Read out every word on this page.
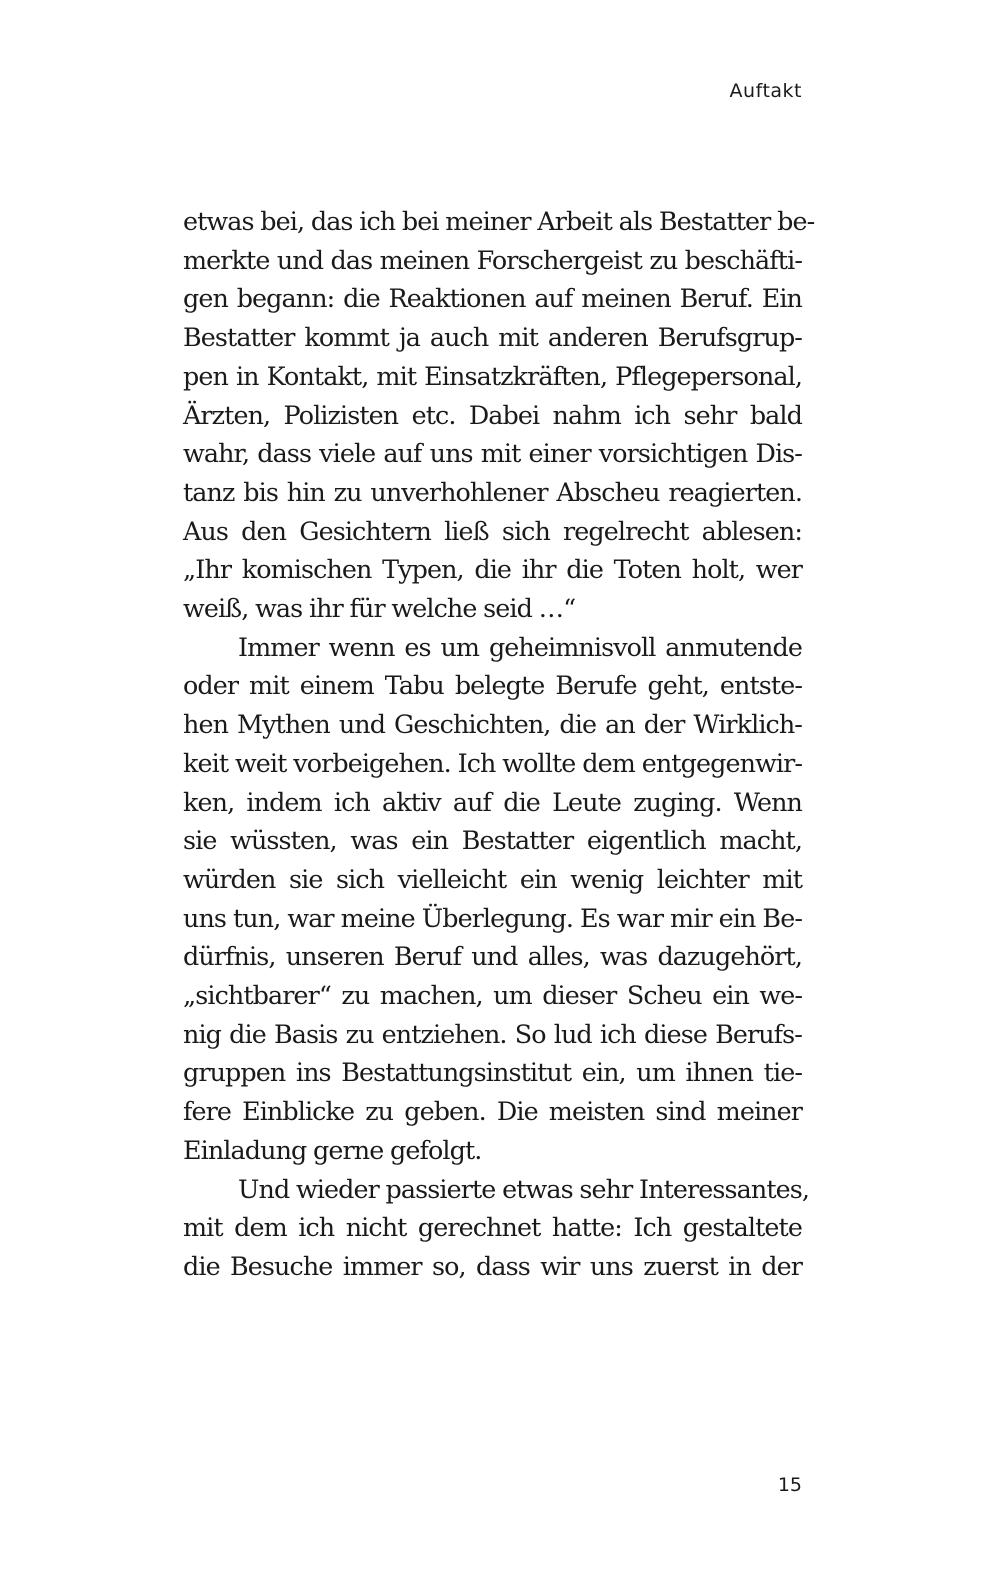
Auftakt
etwas bei, das ich bei meiner Arbeit als Bestatter be-
merkte und das meinen Forschergeist zu beschäfti-
gen begann: die Reaktionen auf meinen Beruf. Ein
Bestatter kommt ja auch mit anderen Berufsgrup-
pen in Kontakt, mit Einsatzkräften, Pflegepersonal,
Ärzten, Polizisten etc. Dabei nahm ich sehr bald
wahr, dass viele auf uns mit einer vorsichtigen Dis-
tanz bis hin zu unverhohlener Abscheu reagierten.
Aus den Gesichtern ließ sich regelrecht ablesen:
„Ihr komischen Typen, die ihr die Toten holt, wer
weiß, was ihr für welche seid …“
Immer wenn es um geheimnisvoll anmutende
oder mit einem Tabu belegte Berufe geht, entste-
hen Mythen und Geschichten, die an der Wirklich-
keit weit vorbeigehen. Ich wollte dem entgegenwir-
ken, indem ich aktiv auf die Leute zuging. Wenn
sie wüssten, was ein Bestatter eigentlich macht,
würden sie sich vielleicht ein wenig leichter mit
uns tun, war meine Überlegung. Es war mir ein Be-
dürfnis, unseren Beruf und alles, was dazugehört,
„sichtbarer“ zu machen, um dieser Scheu ein we-
nig die Basis zu entziehen. So lud ich diese Berufs-
gruppen ins Bestattungsinstitut ein, um ihnen tie-
fere Einblicke zu geben. Die meisten sind meiner
Einladung gerne gefolgt.
Und wieder passierte etwas sehr Interessantes,
mit dem ich nicht gerechnet hatte: Ich gestaltete
die Besuche immer so, dass wir uns zuerst in der
15
